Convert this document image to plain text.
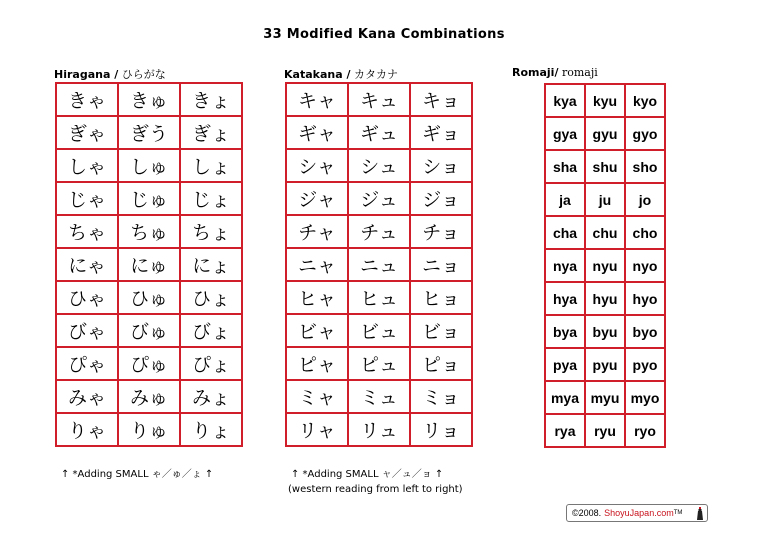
33 Modified Kana Combinations
Hiragana / ひらがな
きゃ	きゅ	きょ
ぎゃ	ぎう	ぎょ
しゃ	しゅ	しょ
じゃ	じゅ	じょ
ちゃ	ちゅ	ちょ
にゃ	にゅ	にょ
ひゃ	ひゅ	ひょ
びゃ	びゅ	びょ
ぴゃ	ぴゅ	ぴょ
みゃ	みゅ	みょ
りゃ	りゅ	りょ
↑ *Adding SMALL ゃ／ゅ／ょ ↑
Katakana / カタカナ
キャ	キュ	キョ
ギャ	ギュ	ギョ
シャ	シュ	ショ
ジャ	ジュ	ジョ
チャ	チュ	チョ
ニャ	ニュ	ニョ
ヒャ	ヒュ	ヒョ
ビャ	ビュ	ビョ
ピャ	ピュ	ピョ
ミャ	ミュ	ミョ
リャ	リュ	リョ
↑ *Adding SMALL ャ／ュ／ョ ↑
(western reading from left to right)
Romaji/ romaji
kya	kyu	kyo
gya	gyu	gyo
sha	shu	sho
ja	ju	jo
cha	chu	cho
nya	nyu	nyo
hya	hyu	hyo
bya	byu	byo
pya	pyu	pyo
mya	myu	myo
rya	ryu	ryo
©2008. ShoyuJapan.com TM
